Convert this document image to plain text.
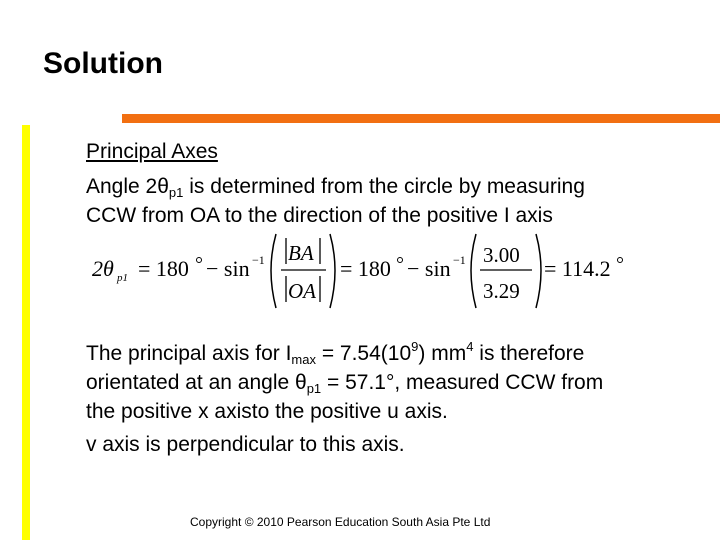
Solution
Principal Axes
Angle $2\theta_{p1}$ is determined from the circle by measuring
CCW from OA to the direction of the positive I axis
2θ p1 = 180 − sin −1 BA
OA
= 180 − sin −1 3.00
3.29
= 114.2
The principal axis for $I_{max} = 7.54(10^9)$ $mm^4$ is therefore
orientated at an angle $\theta_{p1} = 57.1^\circ$, measured CCW from
the positive x axisto the positive u axis.
v axis is perpendicular to this axis.
Copyright © 2010 Pearson Education South Asia Pte Ltd
